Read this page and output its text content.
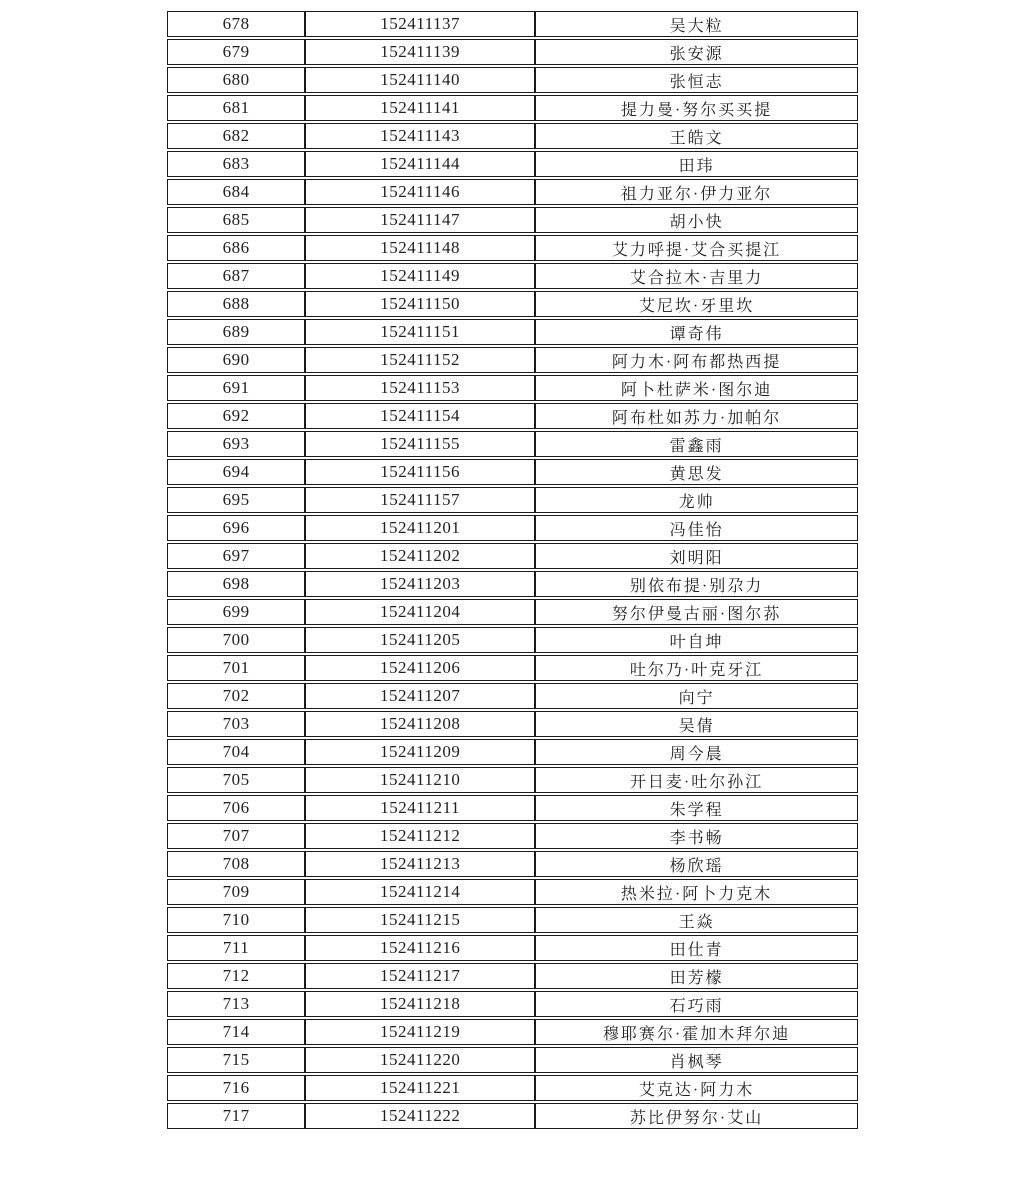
678	152411137	吴大粒
679	152411139	张安源
680	152411140	张恒志
681	152411141	提力曼·努尔买买提
682	152411143	王皓文
683	152411144	田玮
684	152411146	祖力亚尔·伊力亚尔
685	152411147	胡小快
686	152411148	艾力呼提·艾合买提江
687	152411149	艾合拉木·吉里力
688	152411150	艾尼坎·牙里坎
689	152411151	谭奇伟
690	152411152	阿力木·阿布都热西提
691	152411153	阿卜杜萨米·图尔迪
692	152411154	阿布杜如苏力·加帕尔
693	152411155	雷鑫雨
694	152411156	黄思发
695	152411157	龙帅
696	152411201	冯佳怡
697	152411202	刘明阳
698	152411203	别依布提·别尕力
699	152411204	努尔伊曼古丽·图尔荪
700	152411205	叶自坤
701	152411206	吐尔乃·叶克牙江
702	152411207	向宁
703	152411208	吴倩
704	152411209	周今晨
705	152411210	开日麦·吐尔孙江
706	152411211	朱学程
707	152411212	李书畅
708	152411213	杨欣瑶
709	152411214	热米拉·阿卜力克木
710	152411215	王焱
711	152411216	田仕青
712	152411217	田芳檬
713	152411218	石巧雨
714	152411219	穆耶赛尔·霍加木拜尔迪
715	152411220	肖枫琴
716	152411221	艾克达·阿力木
717	152411222	苏比伊努尔·艾山
